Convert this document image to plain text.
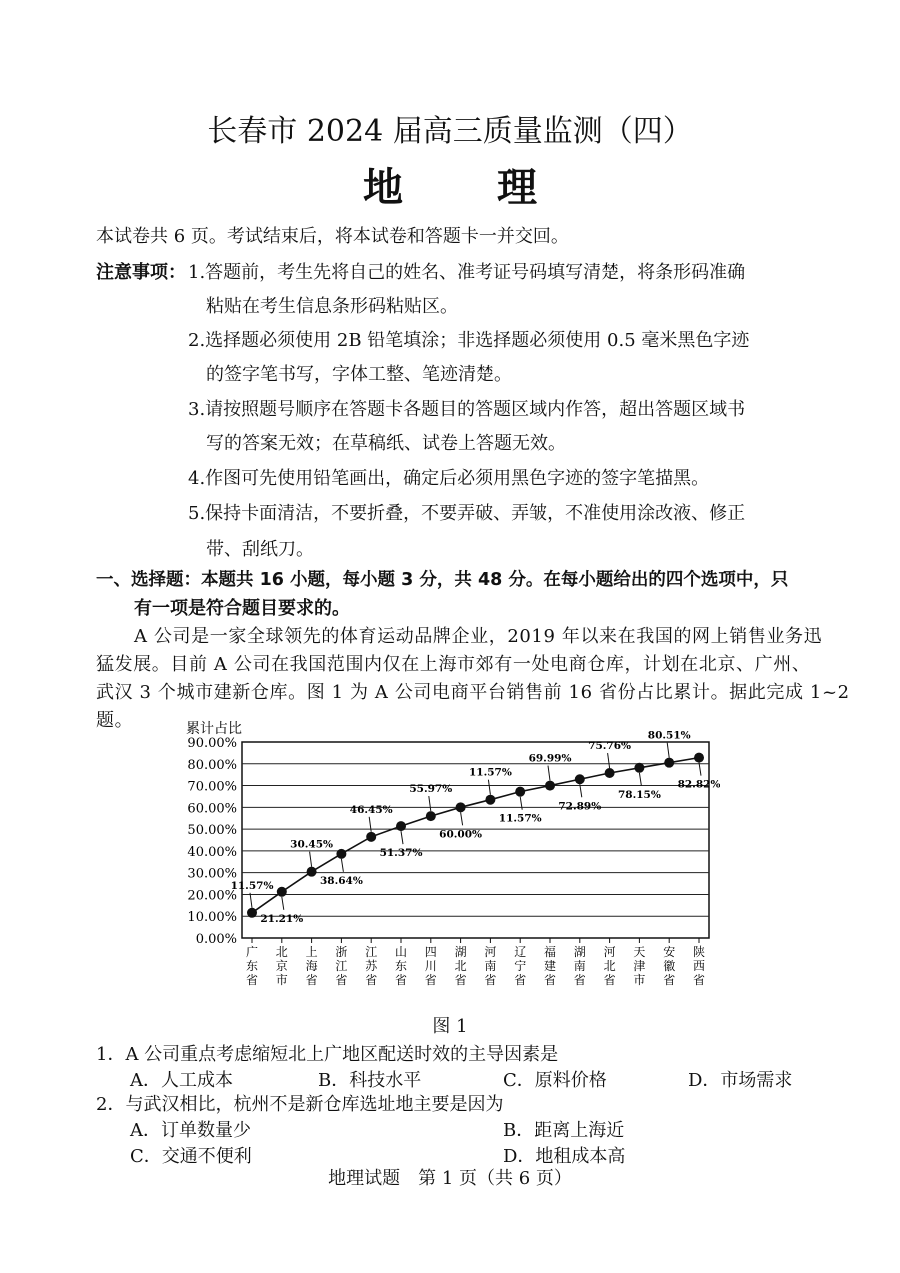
长春市 2024 届高三质量监测（四）
地 理
本试卷共 6 页。考试结束后，将本试卷和答题卡一并交回。
注意事项： 1.答题前，考生先将自己的姓名、准考证号码填写清楚，将条形码准确
粘贴在考生信息条形码粘贴区。
2.选择题必须使用 2B 铅笔填涂；非选择题必须使用 0.5 毫米黑色字迹
的签字笔书写，字体工整、笔迹清楚。
3.请按照题号顺序在答题卡各题目的答题区域内作答，超出答题区域书
写的答案无效；在草稿纸、试卷上答题无效。
4.作图可先使用铅笔画出，确定后必须用黑色字迹的签字笔描黑。
5.保持卡面清洁，不要折叠，不要弄破、弄皱，不准使用涂改液、修正
带、刮纸刀。
一、选择题：本题共 16 小题，每小题 3 分，共 48 分。在每小题给出的四个选项中，只
有一项是符合题目要求的。
A 公司是一家全球领先的体育运动品牌企业，2019 年以来在我国的网上销售业务迅
猛发展。目前 A 公司在我国范围内仅在上海市郊有一处电商仓库，计划在北京、广州、
武汉 3 个城市建新仓库。图 1 为 A 公司电商平台销售前 16 省份占比累计。据此完成 1~2
题。	累计占比
90.00%
80.00%
70.00%
60.00%
50.00%
40.00%
30.00%
20.00%
10.00%
0.00%
广东省
北京市
上海省
浙江省
江苏省
山东省
四川省
湖北省
河南省
辽宁省
福建省
湖南省
河北省
天津市
安徽省
陕西省
11.57%
21.21%
30.45%
38.64%
46.45%
51.37%
55.97%
60.00%
11.57%
11.57%
69.99%
72.89%
75.76%
78.15%
80.51%
82.82%
图 1
1．A 公司重点考虑缩短北上广地区配送时效的主导因素是
A．人工成本	B．科技水平	C．原料价格	D．市场需求
2．与武汉相比，杭州不是新仓库选址地主要是因为
A．订单数量少	B．距离上海近
C．交通不便利	D．地租成本高
地理试题　第 1 页（共 6 页）
